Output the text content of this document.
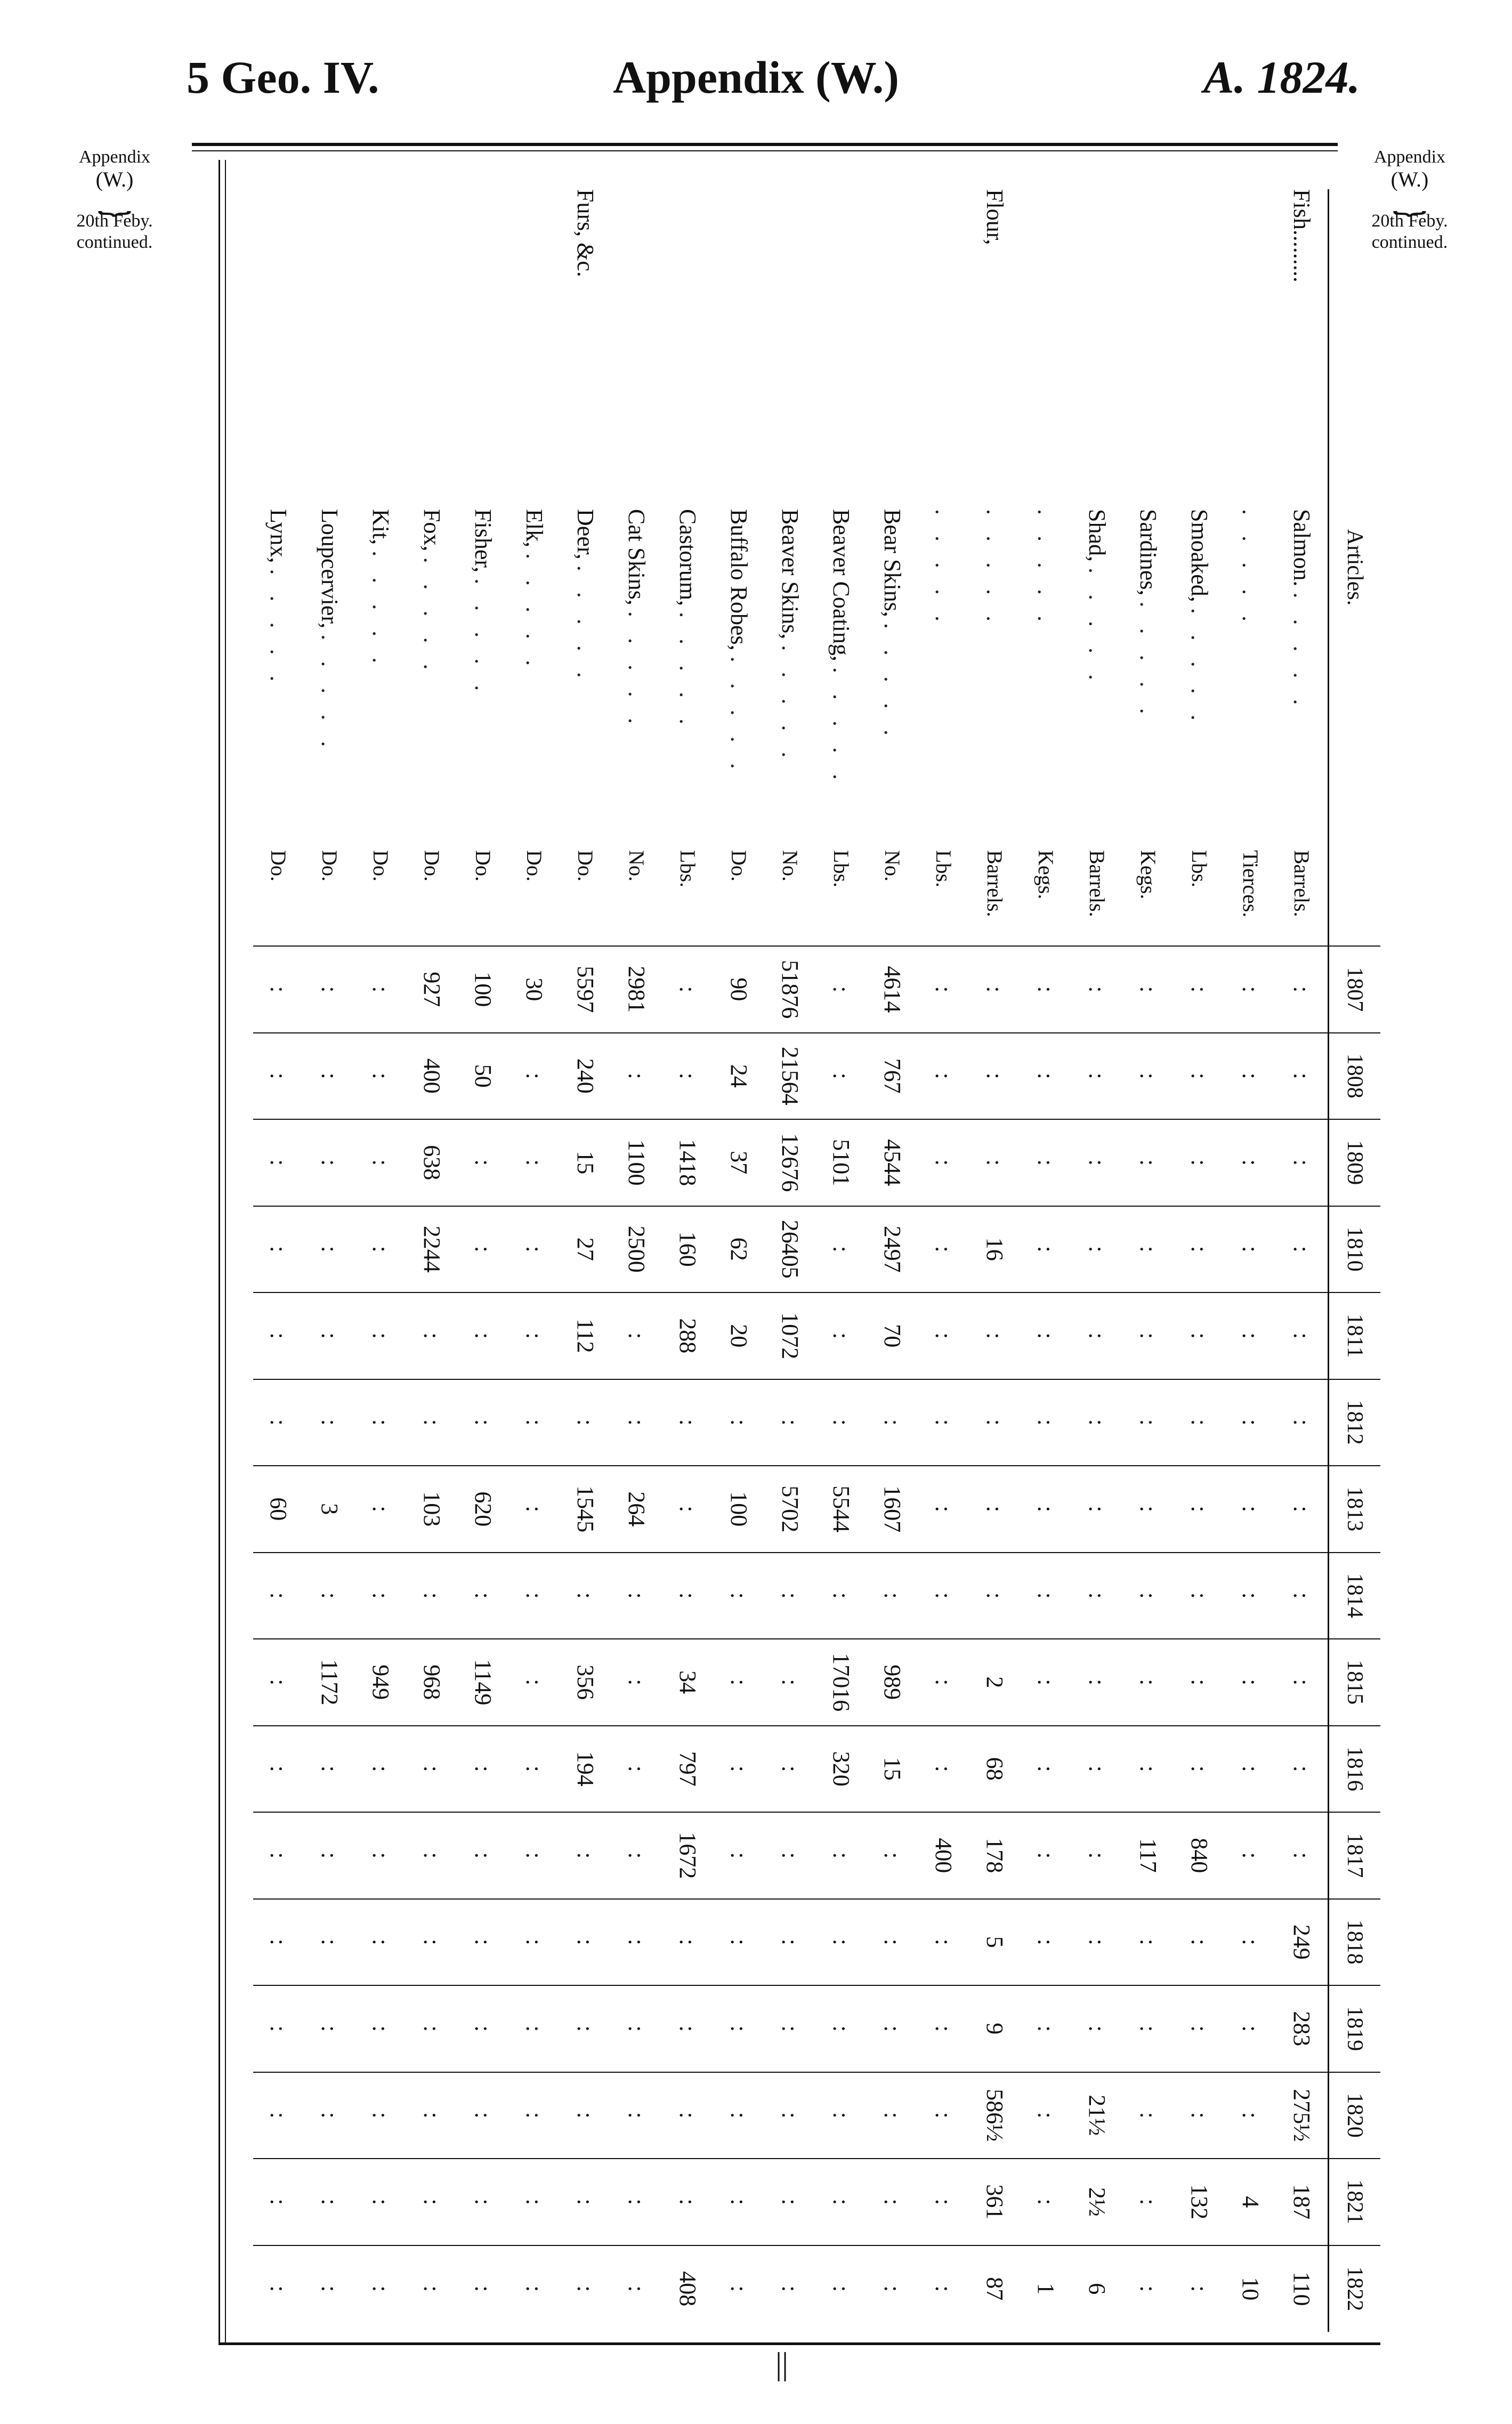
5 Geo. IV.	Appendix (W.)	A. 1824.
Appendix
(W.)
⏟
20th Feby.
continued.
Appendix
(W.)
⏟
20th Feby.
continued.
Articles.			1807	1808	1809	1810	1811	1812	1813	1814	1815	1816	1817	1818	1819	1820	1821	1822
Fish.........	Salmon. . . . . .	Barrels.	:	:	:	:	:	:	:	:	:	:	:	249	283	275½	187	110
	. . . . .	Tierces.	:	:	:	:	:	:	:	:	:	:	:	:	:	:	4	10
	Smoaked, . . . . .	Lbs.	:	:	:	:	:	:	:	:	:	:	840	:	:	:	132	:
	Sardines, . . . . .	Kegs.	:	:	:	:	:	:	:	:	:	:	117	:	:	:	:	:
	Shad, . . . . .	Barrels.	:	:	:	:	:	:	:	:	:	:	:	:	:	21½	2½	6
	. . . . .	Kegs.	:	:	:	:	:	:	:	:	:	:	:	:	:	:	:	1
Flour,	. . . . .	Barrels.	:	:	:	16	:	:	:	:	2	68	178	5	9	586½	361	87
	. . . . .	Lbs.	:	:	:	:	:	:	:	:	:	:	400	:	:	:	:	:
	Bear Skins, . . . . .	No.	4614	767	4544	2497	70	:	1607	:	989	15	:	:	:	:	:	:
	Beaver Coating, . . . . .	Lbs.	:	:	5101	:	:	:	5544	:	17016	320	:	:	:	:	:	:
	Beaver Skins, . . . . .	No.	51876	21564	12676	26405	1072	:	5702	:	:	:	:	:	:	:	:	:
	Buffalo Robes, . . . . .	Do.	90	24	37	62	20	:	100	:	:	:	:	:	:	:	:	:
	Castorum, . . . . .	Lbs.	:	:	1418	160	288	:	:	:	34	797	1672	:	:	:	:	408
	Cat Skins, . . . . .	No.	2981	:	1100	2500	:	:	264	:	:	:	:	:	:	:	:	:
Furs, &c.	Deer, . . . . .	Do.	5597	240	15	27	112	:	1545	:	356	194	:	:	:	:	:	:
	Elk, . . . . .	Do.	30	:	:	:	:	:	:	:	:	:	:	:	:	:	:	:
	Fisher, . . . . .	Do.	100	50	:	:	:	:	620	:	1149	:	:	:	:	:	:	:
	Fox, . . . . .	Do.	927	400	638	2244	:	:	103	:	968	:	:	:	:	:	:	:
	Kit, . . . . .	Do.	:	:	:	:	:	:	:	:	949	:	:	:	:	:	:	:
	Loupcervier, . . . . .	Do.	:	:	:	:	:	:	3	:	1172	:	:	:	:	:	:	:
	Lynx, . . . . .	Do.	:	:	:	:	:	:	60	:	:	:	:	:	:	:	:	:
||
